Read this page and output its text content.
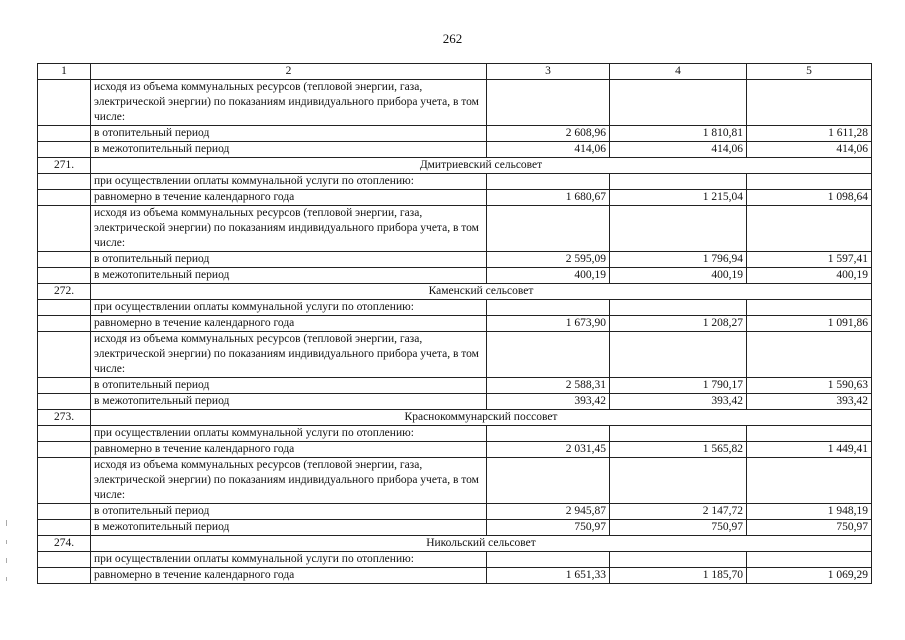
262
1	2	3	4	5
	исходя из объема коммунальных ресурсов (тепловой энергии, газа, электрической энергии) по показаниям индивидуального прибора учета, в том числе:			
	в отопительный период	2 608,96	1 810,81	1 611,28
	в межотопительный период	414,06	414,06	414,06
271.	Дмитриевский сельсовет			
	при осуществлении оплаты коммунальной услуги по отоплению:			
	равномерно в течение календарного года	1 680,67	1 215,04	1 098,64
	исходя из объема коммунальных ресурсов (тепловой энергии, газа, электрической энергии) по показаниям индивидуального прибора учета, в том числе:			
	в отопительный период	2 595,09	1 796,94	1 597,41
	в межотопительный период	400,19	400,19	400,19
272.	Каменский сельсовет			
	при осуществлении оплаты коммунальной услуги по отоплению:			
	равномерно в течение календарного года	1 673,90	1 208,27	1 091,86
	исходя из объема коммунальных ресурсов (тепловой энергии, газа, электрической энергии) по показаниям индивидуального прибора учета, в том числе:			
	в отопительный период	2 588,31	1 790,17	1 590,63
	в межотопительный период	393,42	393,42	393,42
273.	Краснокоммунарский поссовет			
	при осуществлении оплаты коммунальной услуги по отоплению:			
	равномерно в течение календарного года	2 031,45	1 565,82	1 449,41
	исходя из объема коммунальных ресурсов (тепловой энергии, газа, электрической энергии) по показаниям индивидуального прибора учета, в том числе:			
	в отопительный период	2 945,87	2 147,72	1 948,19
	в межотопительный период	750,97	750,97	750,97
274.	Никольский сельсовет			
	при осуществлении оплаты коммунальной услуги по отоплению:			
	равномерно в течение календарного года	1 651,33	1 185,70	1 069,29
